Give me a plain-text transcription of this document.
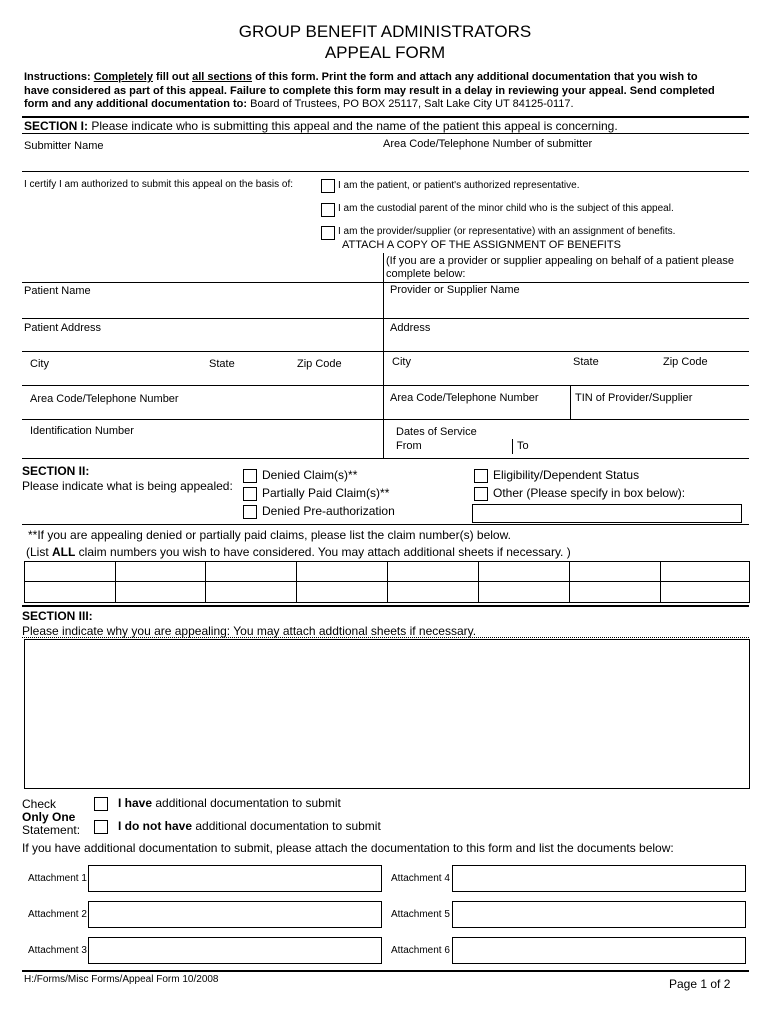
GROUP BENEFIT ADMINISTRATORS
APPEAL FORM
Instructions: Completely fill out all sections of this form. Print the form and attach any additional documentation that you wish to
have considered as part of this appeal. Failure to complete this form may result in a delay in reviewing your appeal. Send completed
form and any additional documentation to: Board of Trustees, PO BOX 25117, Salt Lake City UT 84125-0117.
SECTION I: Please indicate who is submitting this appeal and the name of the patient this appeal is concerning.
Submitter Name	Area Code/Telephone Number of submitter
I certify I am authorized to submit this appeal on the basis of:	I am the patient, or patient's authorized representative.
I am the custodial parent of the minor child who is the subject of this appeal.
I am the provider/supplier (or representative) with an assignment of benefits.
ATTACH A COPY OF THE ASSIGNMENT OF BENEFITS
(If you are a provider or supplier appealing on behalf of a patient please
complete below:
Patient Name	Provider or Supplier Name
Patient Address	Address
City	State	Zip Code	City	State	Zip Code
Area Code/Telephone Number	Area Code/Telephone Number	TIN of Provider/Supplier
Identification Number	Dates of Service
From	To
SECTION II:
Please indicate what is being appealed:
Denied Claim(s)**
Partially Paid Claim(s)**
Denied Pre-authorization
Eligibility/Dependent Status
Other (Please specify in box below):
**If you are appealing denied or partially paid claims, please list the claim number(s) below.
(List ALL claim numbers you wish to have considered. You may attach additional sheets if necessary. )
SECTION III:
Please indicate why you are appealing: You may attach addtional sheets if necessary.
Check
Only One
Statement:
I have additional documentation to submit
I do not have additional documentation to submit
If you have additional documentation to submit, please attach the documentation to this form and list the documents below:
Attachment 1
Attachment 2
Attachment 3
Attachment 4
Attachment 5
Attachment 6
H:/Forms/Misc Forms/Appeal Form 10/2008	Page 1 of 2
